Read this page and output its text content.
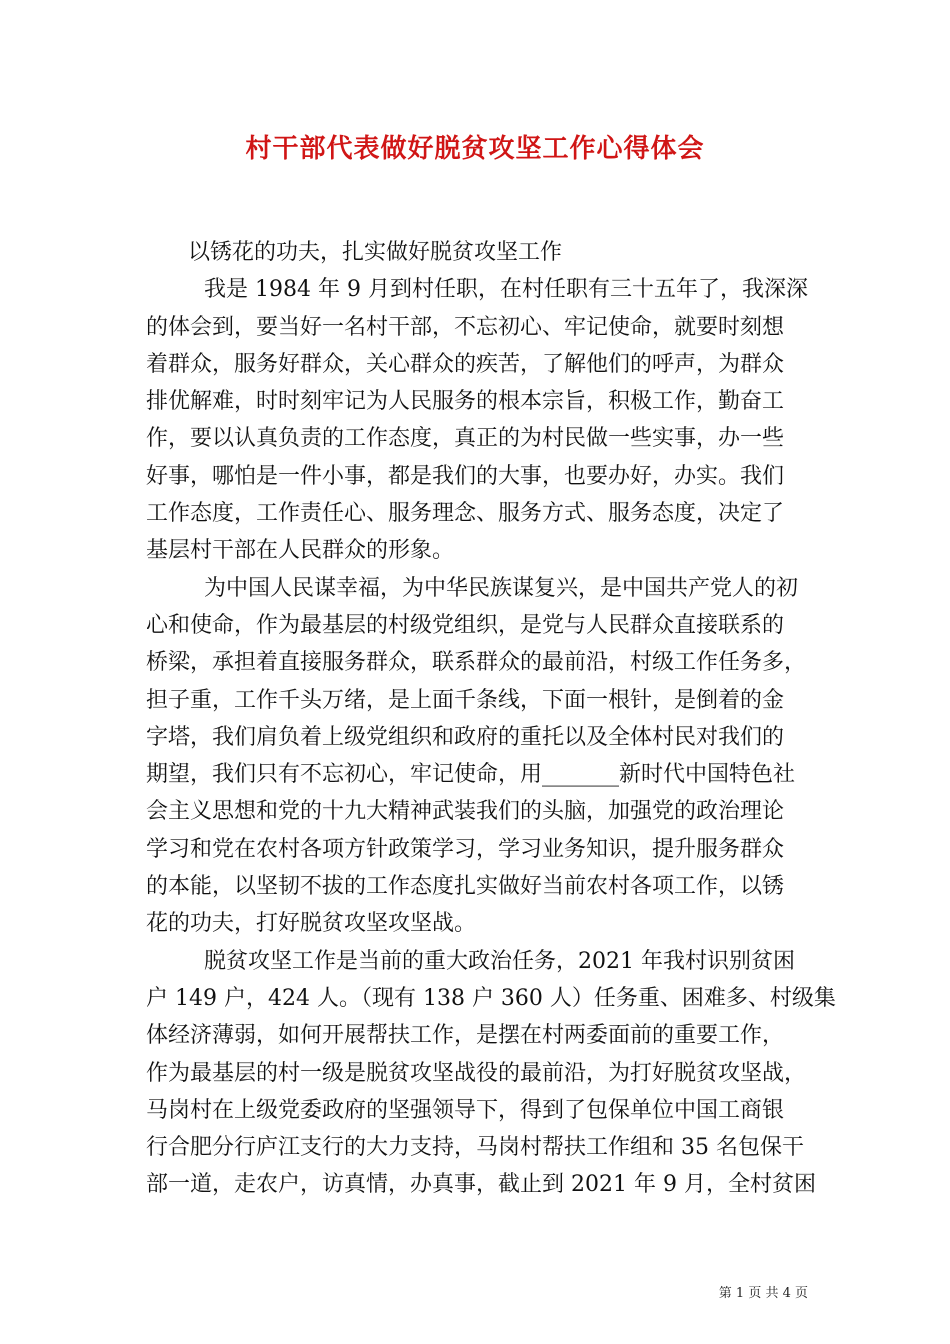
村干部代表做好脱贫攻坚工作心得体会
以锈花的功夫，扎实做好脱贫攻坚工作
我是 1984 年 9 月到村任职，在村任职有三十五年了，我深深
的体会到，要当好一名村干部，不忘初心、牢记使命，就要时刻想
着群众，服务好群众，关心群众的疾苦，了解他们的呼声，为群众
排优解难，时时刻牢记为人民服务的根本宗旨，积极工作，勤奋工
作，要以认真负责的工作态度，真正的为村民做一些实事，办一些
好事，哪怕是一件小事，都是我们的大事，也要办好，办实。我们
工作态度，工作责任心、服务理念、服务方式、服务态度，决定了
基层村干部在人民群众的形象。
为中国人民谋幸福，为中华民族谋复兴，是中国共产党人的初
心和使命，作为最基层的村级党组织，是党与人民群众直接联系的
桥梁，承担着直接服务群众，联系群众的最前沿，村级工作任务多，
担子重，工作千头万绪，是上面千条线，下面一根针，是倒着的金
字塔，我们肩负着上级党组织和政府的重托以及全体村民对我们的
期望，我们只有不忘初心，牢记使命，用_______新时代中国特色社
会主义思想和党的十九大精神武装我们的头脑，加强党的政治理论
学习和党在农村各项方针政策学习，学习业务知识，提升服务群众
的本能，以坚韧不拔的工作态度扎实做好当前农村各项工作，以锈
花的功夫，打好脱贫攻坚攻坚战。
脱贫攻坚工作是当前的重大政治任务，2021 年我村识别贫困
户 149 户，424 人。（现有 138 户 360 人）任务重、困难多、村级集
体经济薄弱，如何开展帮扶工作，是摆在村两委面前的重要工作，
作为最基层的村一级是脱贫攻坚战役的最前沿，为打好脱贫攻坚战，
马岗村在上级党委政府的坚强领导下，得到了包保单位中国工商银
行合肥分行庐江支行的大力支持，马岗村帮扶工作组和 35 名包保干
部一道，走农户，访真情，办真事，截止到 2021 年 9 月，全村贫困
第 1 页 共 4 页
